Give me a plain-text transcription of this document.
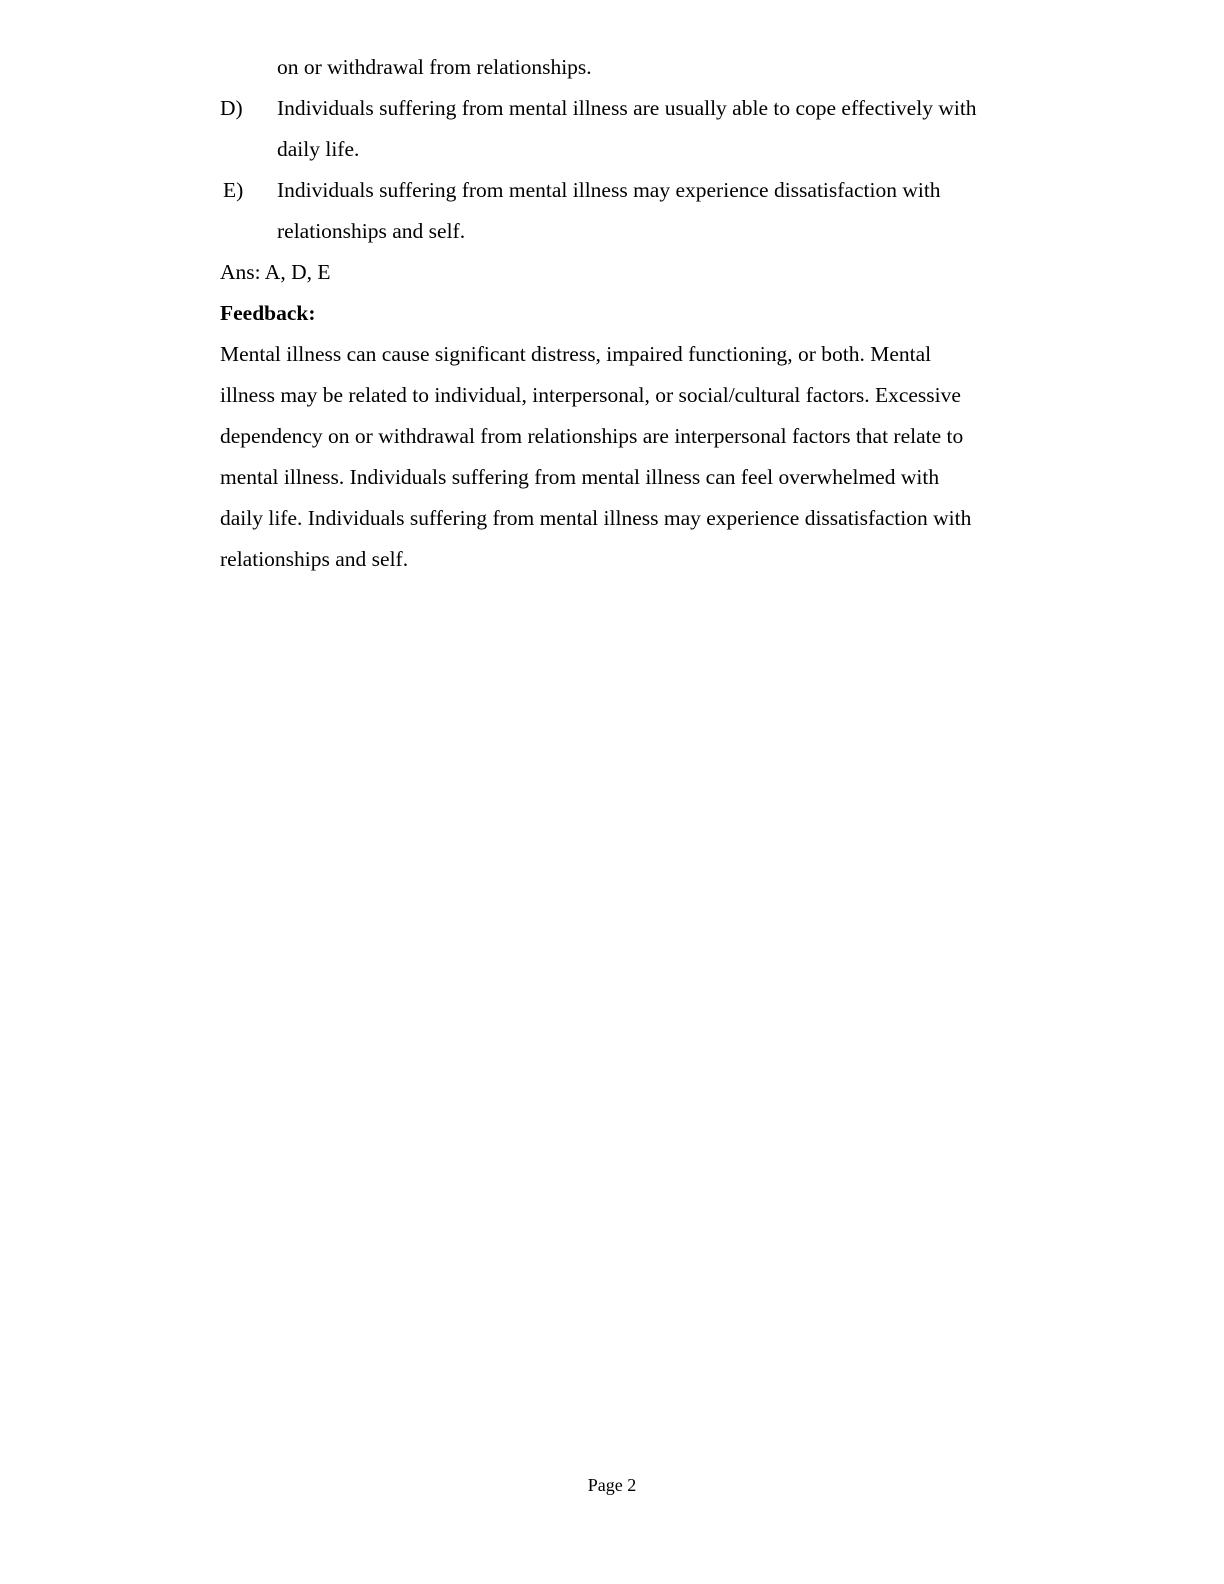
on or withdrawal from relationships.
D) Individuals suffering from mental illness are usually able to cope effectively with
daily life.
E) Individuals suffering from mental illness may experience dissatisfaction with
relationships and self.
Ans: A, D, E
Feedback:
Mental illness can cause significant distress, impaired functioning, or both. Mental
illness may be related to individual, interpersonal, or social/cultural factors. Excessive
dependency on or withdrawal from relationships are interpersonal factors that relate to
mental illness. Individuals suffering from mental illness can feel overwhelmed with
daily life. Individuals suffering from mental illness may experience dissatisfaction with
relationships and self.
Page 2
